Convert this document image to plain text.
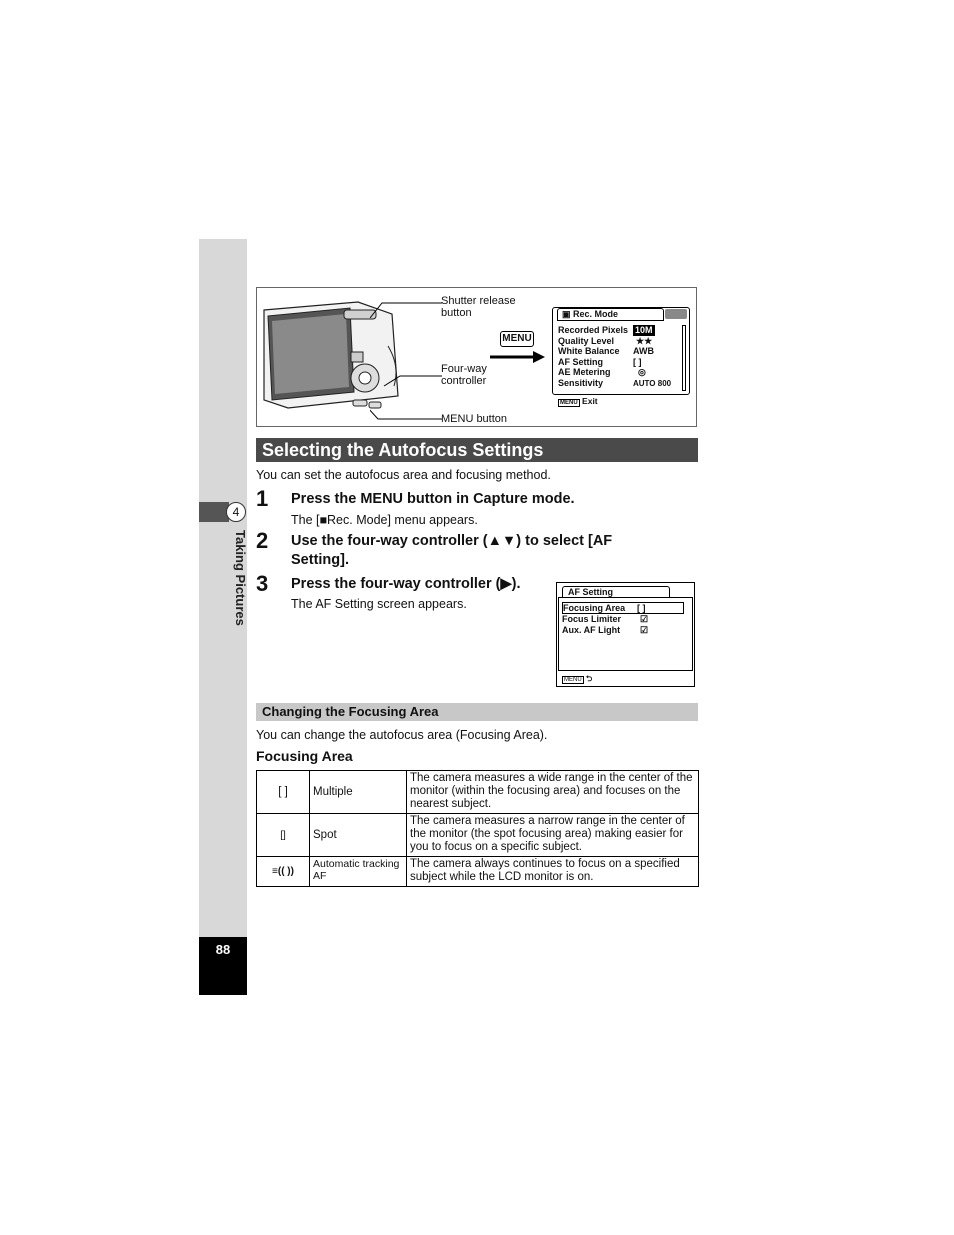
4
Taking Pictures
88
Shutter release button
Four-way controller
MENU button
MENU
▣ Rec. Mode
Recorded Pixels 10M
Quality Level ★★
White Balance AWB
AF Setting	[ ]
AE Metering	◎
Sensitivity	AUTO 800
MENU Exit
Selecting the Autofocus Settings
You can set the autofocus area and focusing method.
1 Press the MENU button in Capture mode.
The [■Rec. Mode] menu appears.
2 Use the four-way controller (▲▼) to select [AF Setting].
3 Press the four-way controller (▶).
The AF Setting screen appears.
AF Setting
Focusing Area [ ]
Focus Limiter ☑
Aux. AF Light ☑
MENU ⮌
Changing the Focusing Area
You can change the autofocus area (Focusing Area).
Focusing Area
[ ]	Multiple	The camera measures a wide range in the center of the monitor (within the focusing area) and focuses on the nearest subject.
[]	Spot	The camera measures a narrow range in the center of the monitor (the spot focusing area) making easier for you to focus on a specific subject.
≡(( ))	Automatic tracking AF	The camera always continues to focus on a specified subject while the LCD monitor is on.
